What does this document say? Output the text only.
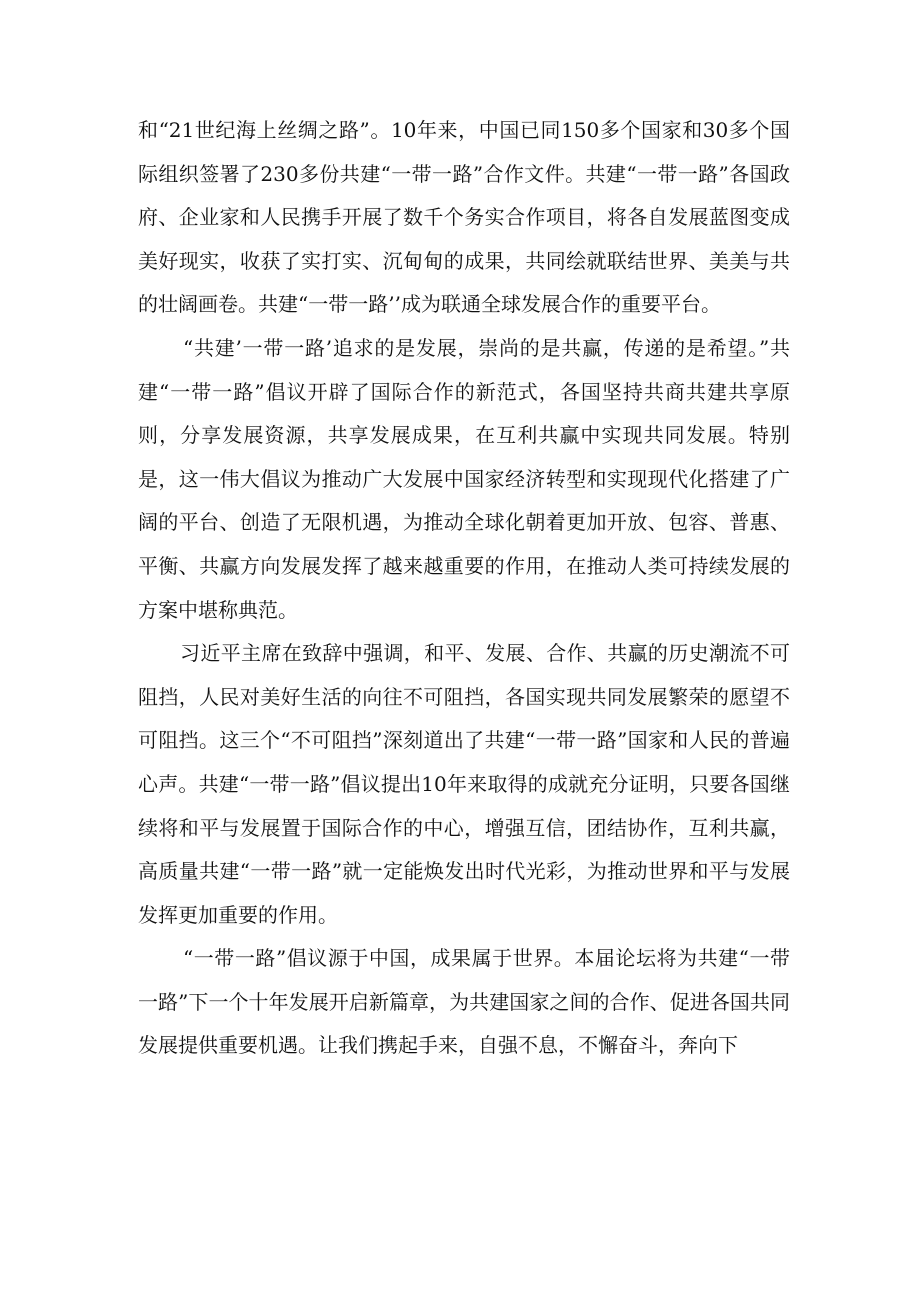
和“21世纪海上丝绸之路”。10年来，中国已同150多个国家和30多个国际组织签署了230多份共建“一带一路”合作文件。共建“一带一路”各国政府、企业家和人民携手开展了数千个务实合作项目，将各自发展蓝图变成美好现实，收获了实打实、沉甸甸的成果，共同绘就联结世界、美美与共的壮阔画卷。共建“一带一路’’成为联通全球发展合作的重要平台。

“共建’一带一路’追求的是发展，崇尚的是共赢，传递的是希望。”共建“一带一路”倡议开辟了国际合作的新范式，各国坚持共商共建共享原则，分享发展资源，共享发展成果，在互利共赢中实现共同发展。特别是，这一伟大倡议为推动广大发展中国家经济转型和实现现代化搭建了广阔的平台、创造了无限机遇，为推动全球化朝着更加开放、包容、普惠、平衡、共赢方向发展发挥了越来越重要的作用，在推动人类可持续发展的方案中堪称典范。

习近平主席在致辞中强调，和平、发展、合作、共赢的历史潮流不可阻挡，人民对美好生活的向往不可阻挡，各国实现共同发展繁荣的愿望不可阻挡。这三个“不可阻挡”深刻道出了共建“一带一路”国家和人民的普遍心声。共建“一带一路”倡议提出10年来取得的成就充分证明，只要各国继续将和平与发展置于国际合作的中心，增强互信，团结协作，互利共赢，高质量共建“一带一路”就一定能焕发出时代光彩，为推动世界和平与发展发挥更加重要的作用。

“一带一路”倡议源于中国，成果属于世界。本届论坛将为共建“一带一路”下一个十年发展开启新篇章，为共建国家之间的合作、促进各国共同发展提供重要机遇。让我们携起手来，自强不息，不懈奋斗，奔向下
